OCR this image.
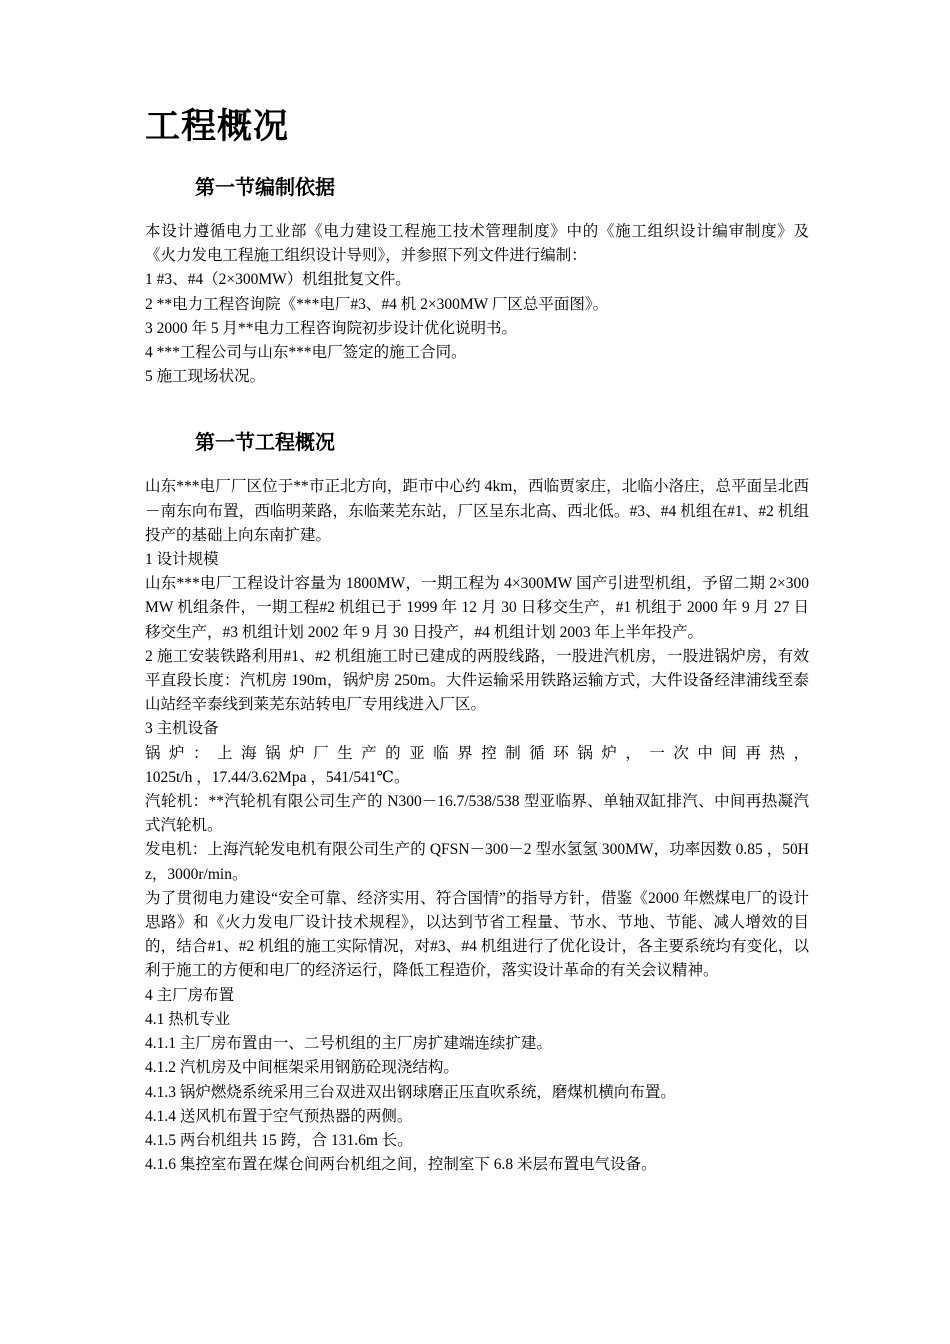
工程概况
第一节编制依据

本设计遵循电力工业部《电力建设工程施工技术管理制度》中的《施工组织设计编审制度》及《火力发电工程施工组织设计导则》，并参照下列文件进行编制：

1 #3、#4（2×300MW）机组批复文件。

2 **电力工程咨询院《***电厂#3、#4 机 2×300MW 厂区总平面图》。

3 2000 年 5 月**电力工程咨询院初步设计优化说明书。

4 ***工程公司与山东***电厂签定的施工合同。

5 施工现场状况。

第一节工程概况

山东***电厂厂区位于**市正北方向，距市中心约 4km，西临贾家庄，北临小洛庄，总平面呈北西－南东向布置，西临明莱路，东临莱芜东站，厂区呈东北高、西北低。#3、#4 机组在#1、#2 机组投产的基础上向东南扩建。

1 设计规模

山东***电厂工程设计容量为 1800MW，一期工程为 4×300MW 国产引进型机组，予留二期 2×300MW 机组条件，一期工程#2 机组已于 1999 年 12 月 30 日移交生产，#1 机组于 2000 年 9 月 27 日移交生产，#3 机组计划 2002 年 9 月 30 日投产，#4 机组计划 2003 年上半年投产。

2 施工安装铁路利用#1、#2 机组施工时已建成的两股线路，一股进汽机房，一股进锅炉房，有效平直段长度：汽机房 190m，锅炉房 250m。大件运输采用铁路运输方式，大件设备经津浦线至泰山站经辛泰线到莱芜东站转电厂专用线进入厂区。

3 主机设备

锅炉：上海锅炉厂生产的亚临界控制循环锅炉，一次中间再热，

1025t/h ，17.44/3.62Mpa ，541/541℃。

汽轮机：**汽轮机有限公司生产的 N300－16.7/538/538 型亚临界、单轴双缸排汽、中间再热凝汽式汽轮机。

发电机：上海汽轮发电机有限公司生产的 QFSN－300－2 型水氢氢 300MW，功率因数 0.85 ，50Hz，3000r/min。

为了贯彻电力建设“安全可靠、经济实用、符合国情”的指导方针，借鉴《2000 年燃煤电厂的设计思路》和《火力发电厂设计技术规程》，以达到节省工程量、节水、节地、节能、减人增效的目的，结合#1、#2 机组的施工实际情况，对#3、#4 机组进行了优化设计，各主要系统均有变化，以利于施工的方便和电厂的经济运行，降低工程造价，落实设计革命的有关会议精神。

4 主厂房布置

4.1 热机专业

4.1.1 主厂房布置由一、二号机组的主厂房扩建端连续扩建。

4.1.2 汽机房及中间框架采用钢筋砼现浇结构。

4.1.3 锅炉燃烧系统采用三台双进双出钢球磨正压直吹系统，磨煤机横向布置。

4.1.4 送风机布置于空气预热器的两侧。

4.1.5 两台机组共 15 跨，合 131.6m 长。

4.1.6 集控室布置在煤仓间两台机组之间，控制室下 6.8 米层布置电气设备。
